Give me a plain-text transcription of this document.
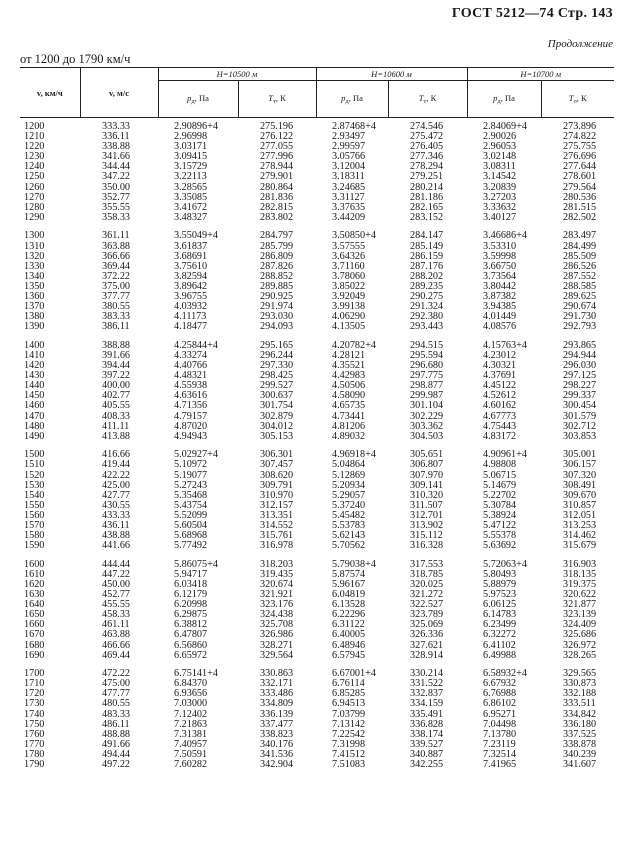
ГОСТ 5212—74 Стр. 143
Продолжение
от 1200 до 1790 км/ч
v, км/ч	v, м/с	H=10500 м		H=10600 м		H=10700 м	
		$p_д$, Па	$T_т$, К	$p_д$, Па	$T_т$, К	$p_д$, Па	$T_о$, К
1200	333.33	2.90896+4	275.196	2.87468+4	274.546	2.84069+4	273.896
1210	336.11	2.96998	276.122	2.93497	275.472	2.90026	274.822
1220	338.88	3.03171	277.055	2.99597	276.405	2.96053	275.755
1230	341.66	3.09415	277.996	3.05766	277.346	3.02148	276.696
1240	344.44	3.15729	278.944	3.12004	278.294	3.08311	277.644
1250	347.22	3.22113	279.901	3.18311	279.251	3.14542	278.601
1260	350.00	3.28565	280.864	3.24685	280.214	3.20839	279.564
1270	352.77	3.35085	281.836	3.31127	281.186	3.27203	280.536
1280	355.55	3.41672	282.815	3.37635	282.165	3.33632	281.515
1290	358.33	3.48327	283.802	3.44209	283.152	3.40127	282.502

1300	361.11	3.55049+4	284.797	3.50850+4	284.147	3.46686+4	283.497
1310	363.88	3.61837	285.799	3.57555	285.149	3.53310	284.499
1320	366.66	3.68691	286.809	3.64326	286.159	3.59998	285.509
1330	369.44	3.75610	287.826	3.71160	287.176	3.66750	286.526
1340	372.22	3.82594	288.852	3.78060	288.202	3.73564	287.552
1350	375.00	3.89642	289.885	3.85022	289.235	3.80442	288.585
1360	377.77	3.96755	290.925	3.92049	290.275	3.87382	289.625
1370	380.55	4.03932	291.974	3.99138	291.324	3.94385	290.674
1380	383.33	4.11173	293.030	4.06290	292.380	4.01449	291.730
1390	386.11	4.18477	294.093	4.13505	293.443	4.08576	292.793

1400	388.88	4.25844+4	295.165	4.20782+4	294.515	4.15763+4	293.865
1410	391.66	4.33274	296.244	4.28121	295.594	4.23012	294.944
1420	394.44	4.40766	297.330	4.35521	296.680	4.30321	296.030
1430	397.22	4.48321	298.425	4.42983	297.775	4.37691	297.125
1440	400.00	4.55938	299.527	4.50506	298.877	4.45122	298.227
1450	402.77	4.63616	300.637	4.58090	299.987	4.52612	299.337
1460	405.55	4.71356	301.754	4.65735	301.104	4.60162	300.454
1470	408.33	4.79157	302.879	4.73441	302.229	4.67773	301.579
1480	411.11	4.87020	304.012	4.81206	303.362	4.75443	302.712
1490	413.88	4.94943	305.153	4.89032	304.503	4.83172	303.853

1500	416.66	5.02927+4	306.301	4.96918+4	305.651	4.90961+4	305.001
1510	419.44	5.10972	307.457	5.04864	306.807	4.98808	306.157
1520	422.22	5.19077	308.620	5.12869	307.970	5.06715	307.320
1530	425.00	5.27243	309.791	5.20934	309.141	5.14679	308.491
1540	427.77	5.35468	310.970	5.29057	310.320	5.22702	309.670
1550	430.55	5.43754	312.157	5.37240	311.507	5.30784	310.857
1560	433.33	5.52099	313.351	5.45482	312.701	5.38924	312.051
1570	436.11	5.60504	314.552	5.53783	313.902	5.47122	313.253
1580	438.88	5.68968	315.761	5.62143	315.112	5.55378	314.462
1590	441.66	5.77492	316.978	5.70562	316.328	5.63692	315.679

1600	444.44	5.86075+4	318.203	5.79038+4	317.553	5.72063+4	316.903
1610	447.22	5.94717	319.435	5.87574	318.785	5.80493	318.135
1620	450.00	6.03418	320.674	5.96167	320.025	5.88979	319.375
1630	452.77	6.12179	321.921	6.04819	321.272	5.97523	320.622
1640	455.55	6.20998	323.176	6.13528	322.527	6.06125	321.877
1650	458.33	6.29875	324.438	6.22296	323.789	6.14783	323.139
1660	461.11	6.38812	325.708	6.31122	325.069	6.23499	324.409
1670	463.88	6.47807	326.986	6.40005	326.336	6.32272	325.686
1680	466.66	6.56860	328.271	6.48946	327.621	6.41102	326.972
1690	469.44	6.65972	329.564	6.57945	328.914	6.49988	328.265

1700	472.22	6.75141+4	330.863	6.67001+4	330.214	6.58932+4	329.565
1710	475.00	6.84370	332.171	6.76114	331.522	6.67932	330.873
1720	477.77	6.93656	333.486	6.85285	332.837	6.76988	332.188
1730	480.55	7.03000	334.809	6.94513	334.159	6.86102	333.511
1740	483.33	7.12402	336.139	7.03799	335.491	6.95271	334.842
1750	486.11	7.21863	337.477	7.13142	336.828	7.04498	336.180
1760	488.88	7.31381	338.823	7.22542	338.174	7.13780	337.525
1770	491.66	7.40957	340.176	7.31998	339.527	7.23119	338.878
1780	494.44	7.50591	341.536	7.41512	340.887	7.32514	340.239
1790	497.22	7.60282	342.904	7.51083	342.255	7.41965	341.607
